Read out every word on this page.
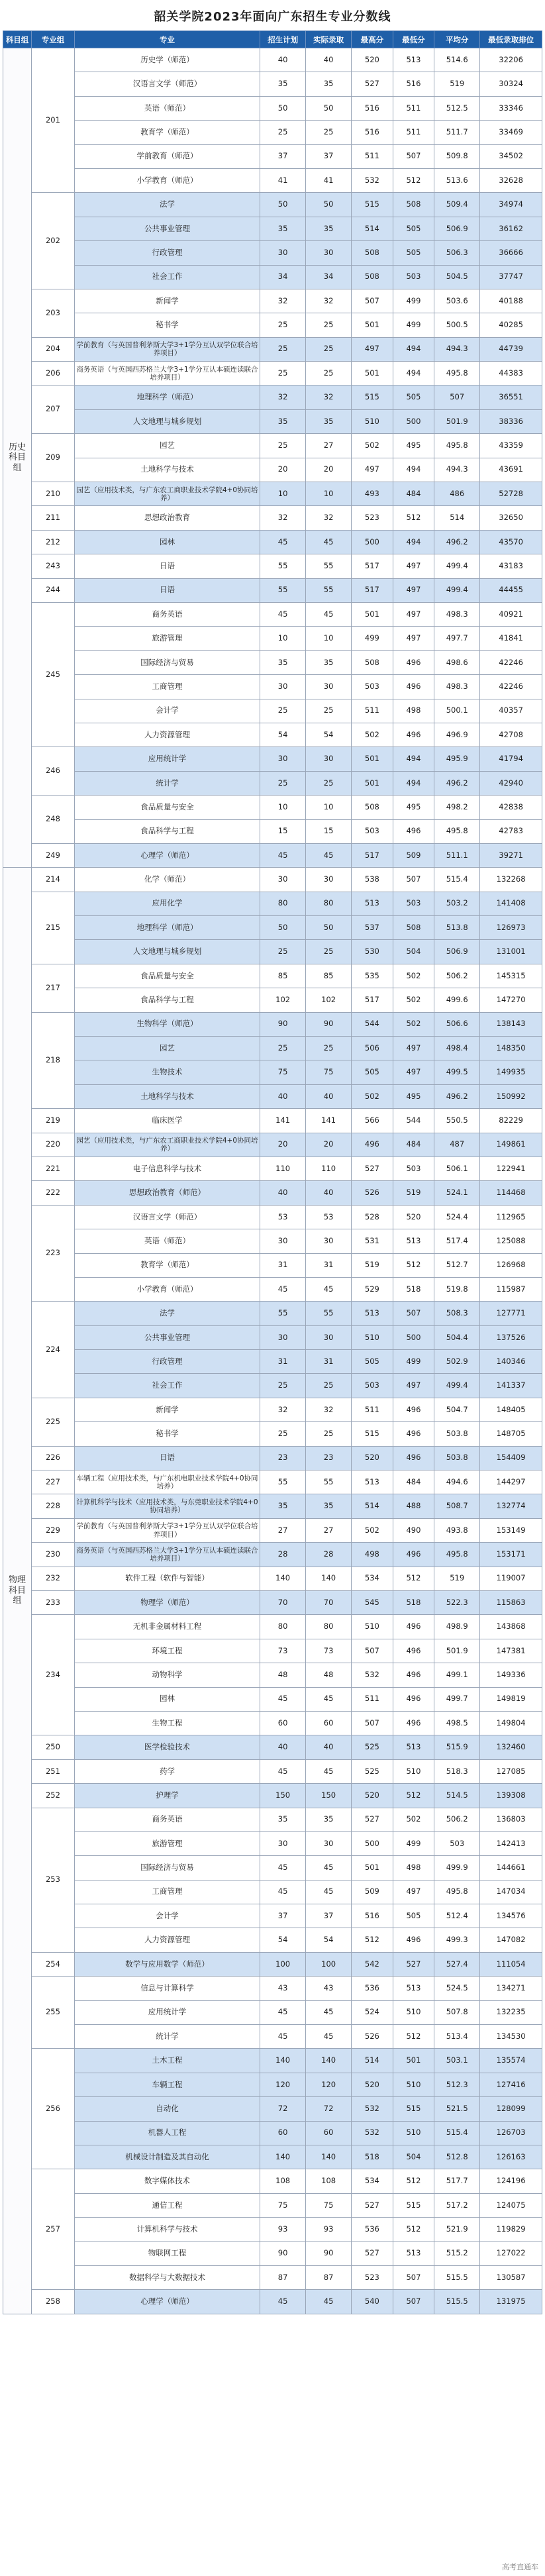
韶关学院2023年面向广东招生专业分数线
科目组	专业组	专业	招生计划	实际录取	最高分	最低分	平均分	最低录取排位
历史科目组	201	历史学（师范）	40	40	520	513	514.6	32206
		汉语言文学（师范）	35	35	527	516	519	30324
		英语（师范）	50	50	516	511	512.5	33346
		教育学（师范）	25	25	516	511	511.7	33469
		学前教育（师范）	37	37	511	507	509.8	34502
		小学教育（师范）	41	41	532	512	513.6	32628
	202	法学	50	50	515	508	509.4	34974
		公共事业管理	35	35	514	505	506.9	36162
		行政管理	30	30	508	505	506.3	36666
		社会工作	34	34	508	503	504.5	37747
	203	新闻学	32	32	507	499	503.6	40188
		秘书学	25	25	501	499	500.5	40285
	204	学前教育（与英国普利茅斯大学3+1学分互认双学位联合培养项目）	25	25	497	494	494.3	44739
	206	商务英语（与英国西苏格兰大学3+1学分互认本硕连读联合培养项目）	25	25	501	494	495.8	44383
	207	地理科学（师范）	32	32	515	505	507	36551
		人文地理与城乡规划	35	35	510	500	501.9	38336
	209	园艺	25	27	502	495	495.8	43359
		土地科学与技术	20	20	497	494	494.3	43691
	210	园艺（应用技术类，与广东农工商职业技术学院4+0协同培养）	10	10	493	484	486	52728
	211	思想政治教育	32	32	523	512	514	32650
	212	园林	45	45	500	494	496.2	43570
	243	日语	55	55	517	497	499.4	43183
	244	日语	55	55	517	497	499.4	44455
	245	商务英语	45	45	501	497	498.3	40921
		旅游管理	10	10	499	497	497.7	41841
		国际经济与贸易	35	35	508	496	498.6	42246
		工商管理	30	30	503	496	498.3	42246
		会计学	25	25	511	498	500.1	40357
		人力资源管理	54	54	502	496	496.9	42708
	246	应用统计学	30	30	501	494	495.9	41794
		统计学	25	25	501	494	496.2	42940
	248	食品质量与安全	10	10	508	495	498.2	42838
		食品科学与工程	15	15	503	496	495.8	42783
	249	心理学（师范）	45	45	517	509	511.1	39271
物理科目组	214	化学（师范）	30	30	538	507	515.4	132268
	215	应用化学	80	80	513	503	503.2	141408
		地理科学（师范）	50	50	537	508	513.8	126973
		人文地理与城乡规划	25	25	530	504	506.9	131001
	217	食品质量与安全	85	85	535	502	506.2	145315
		食品科学与工程	102	102	517	502	499.6	147270
	218	生物科学（师范）	90	90	544	502	506.6	138143
		园艺	25	25	506	497	498.4	148350
		生物技术	75	75	505	497	499.5	149935
		土地科学与技术	40	40	502	495	496.2	150992
	219	临床医学	141	141	566	544	550.5	82229
	220	园艺（应用技术类，与广东农工商职业技术学院4+0协同培养）	20	20	496	484	487	149861
	221	电子信息科学与技术	110	110	527	503	506.1	122941
	222	思想政治教育（师范）	40	40	526	519	524.1	114468
	223	汉语言文学（师范）	53	53	528	520	524.4	112965
		英语（师范）	30	30	531	513	517.4	125088
		教育学（师范）	31	31	519	512	512.7	126968
		小学教育（师范）	45	45	529	518	519.8	115987
	224	法学	55	55	513	507	508.3	127771
		公共事业管理	30	30	510	500	504.4	137526
		行政管理	31	31	505	499	502.9	140346
		社会工作	25	25	503	497	499.4	141337
	225	新闻学	32	32	511	496	504.7	148405
		秘书学	25	25	515	496	503.8	148705
	226	日语	23	23	520	496	503.8	154409
	227	车辆工程（应用技术类，与广东机电职业技术学院4+0协同培养）	55	55	513	484	494.6	144297
	228	计算机科学与技术（应用技术类，与东莞职业技术学院4+0协同培养）	35	35	514	488	508.7	132774
	229	学前教育（与英国普利茅斯大学3+1学分互认双学位联合培养项目）	27	27	502	490	493.8	153149
	230	商务英语（与英国西苏格兰大学3+1学分互认本硕连读联合培养项目）	28	28	498	496	495.8	153171
	232	软件工程（软件与智能）	140	140	534	512	519	119007
	233	物理学（师范）	70	70	545	518	522.3	115863
	234	无机非金属材料工程	80	80	510	496	498.9	143868
		环境工程	73	73	507	496	501.9	147381
		动物科学	48	48	532	496	499.1	149336
		园林	45	45	511	496	499.7	149819
		生物工程	60	60	507	496	498.5	149804
	250	医学检验技术	40	40	525	513	515.9	132460
	251	药学	45	45	525	510	518.3	127085
	252	护理学	150	150	520	512	514.5	139308
	253	商务英语	35	35	527	502	506.2	136803
		旅游管理	30	30	500	499	503	142413
		国际经济与贸易	45	45	501	498	499.9	144661
		工商管理	45	45	509	497	495.8	147034
		会计学	37	37	516	505	512.4	134576
		人力资源管理	54	54	512	496	499.3	147082
	254	数学与应用数学（师范）	100	100	542	527	527.4	111054
	255	信息与计算科学	43	43	536	513	524.5	134271
		应用统计学	45	45	524	510	507.8	132235
		统计学	45	45	526	512	513.4	134530
	256	土木工程	140	140	514	501	503.1	135574
		车辆工程	120	120	520	510	512.3	127416
		自动化	72	72	532	515	521.5	128099
		机器人工程	60	60	532	510	515.4	126703
		机械设计制造及其自动化	140	140	518	504	512.8	126163
	257	数字媒体技术	108	108	534	512	517.7	124196
		通信工程	75	75	527	515	517.2	124075
		计算机科学与技术	93	93	536	512	521.9	119829
		物联网工程	90	90	527	513	515.2	127022
		数据科学与大数据技术	87	87	523	507	515.5	130587
	258	心理学（师范）	45	45	540	507	515.5	131975
高考直通车
